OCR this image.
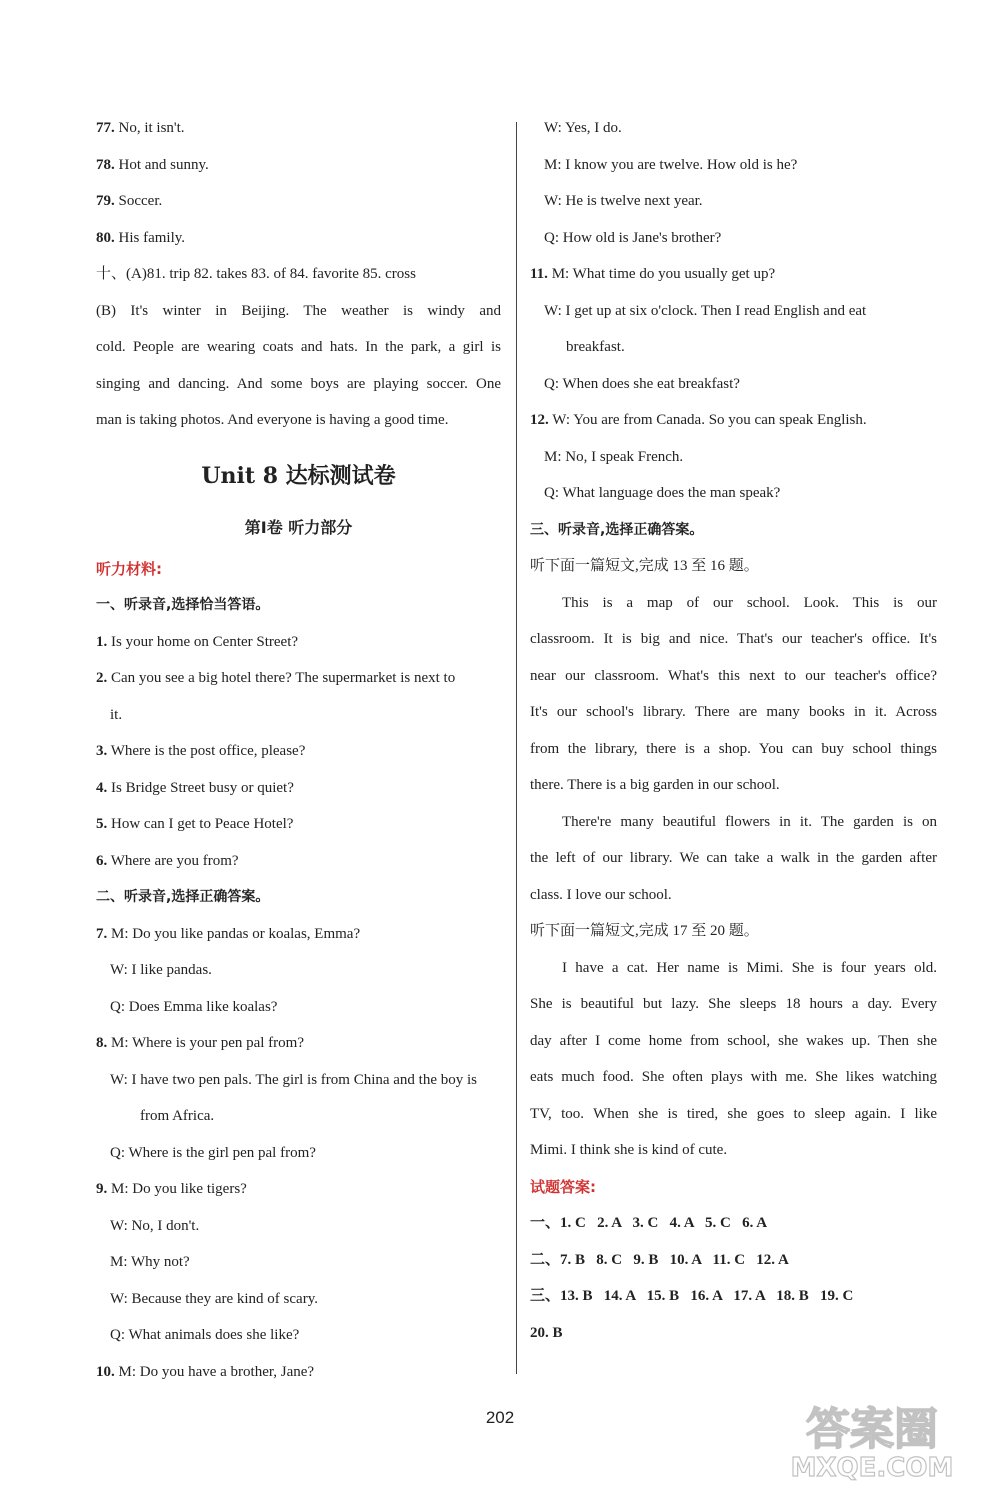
77. No, it isn't.
78. Hot and sunny.
79. Soccer.
80. His family.
十、(A)81. trip 82. takes 83. of 84. favorite 85. cross
(B) It's winter in Beijing. The weather is windy and
cold. People are wearing coats and hats. In the park, a girl is
singing and dancing. And some boys are playing soccer. One
man is taking photos. And everyone is having a good time.
Unit 8 达标测试卷
第Ⅰ卷 听力部分
听力材料:
一、听录音,选择恰当答语。
1. Is your home on Center Street?
2. Can you see a big hotel there? The supermarket is next to
it.
3. Where is the post office, please?
4. Is Bridge Street busy or quiet?
5. How can I get to Peace Hotel?
6. Where are you from?
二、听录音,选择正确答案。
7. M: Do you like pandas or koalas, Emma?
W: I like pandas.
Q: Does Emma like koalas?
8. M: Where is your pen pal from?
W: I have two pen pals. The girl is from China and the boy is
from Africa.
Q: Where is the girl pen pal from?
9. M: Do you like tigers?
W: No, I don't.
M: Why not?
W: Because they are kind of scary.
Q: What animals does she like?
10. M: Do you have a brother, Jane?
W: Yes, I do.
M: I know you are twelve. How old is he?
W: He is twelve next year.
Q: How old is Jane's brother?
11. M: What time do you usually get up?
W: I get up at six o'clock. Then I read English and eat
breakfast.
Q: When does she eat breakfast?
12. W: You are from Canada. So you can speak English.
M: No, I speak French.
Q: What language does the man speak?
三、听录音,选择正确答案。
听下面一篇短文,完成 13 至 16 题。
This is a map of our school. Look. This is our
classroom. It is big and nice. That's our teacher's office. It's
near our classroom. What's this next to our teacher's office?
It's our school's library. There are many books in it. Across
from the library, there is a shop. You can buy school things
there. There is a big garden in our school.
There're many beautiful flowers in it. The garden is on
the left of our library. We can take a walk in the garden after
class. I love our school.
听下面一篇短文,完成 17 至 20 题。
I have a cat. Her name is Mimi. She is four years old.
She is beautiful but lazy. She sleeps 18 hours a day. Every
day after I come home from school, she wakes up. Then she
eats much food. She often plays with me. She likes watching
TV, too. When she is tired, she goes to sleep again. I like
Mimi. I think she is kind of cute.
试题答案:
一、1. C   2. A   3. C   4. A   5. C   6. A
二、7. B   8. C   9. B   10. A   11. C   12. A
三、13. B   14. A   15. B   16. A   17. A   18. B   19. C
20. B
202	答案圈
MXQE.COM
